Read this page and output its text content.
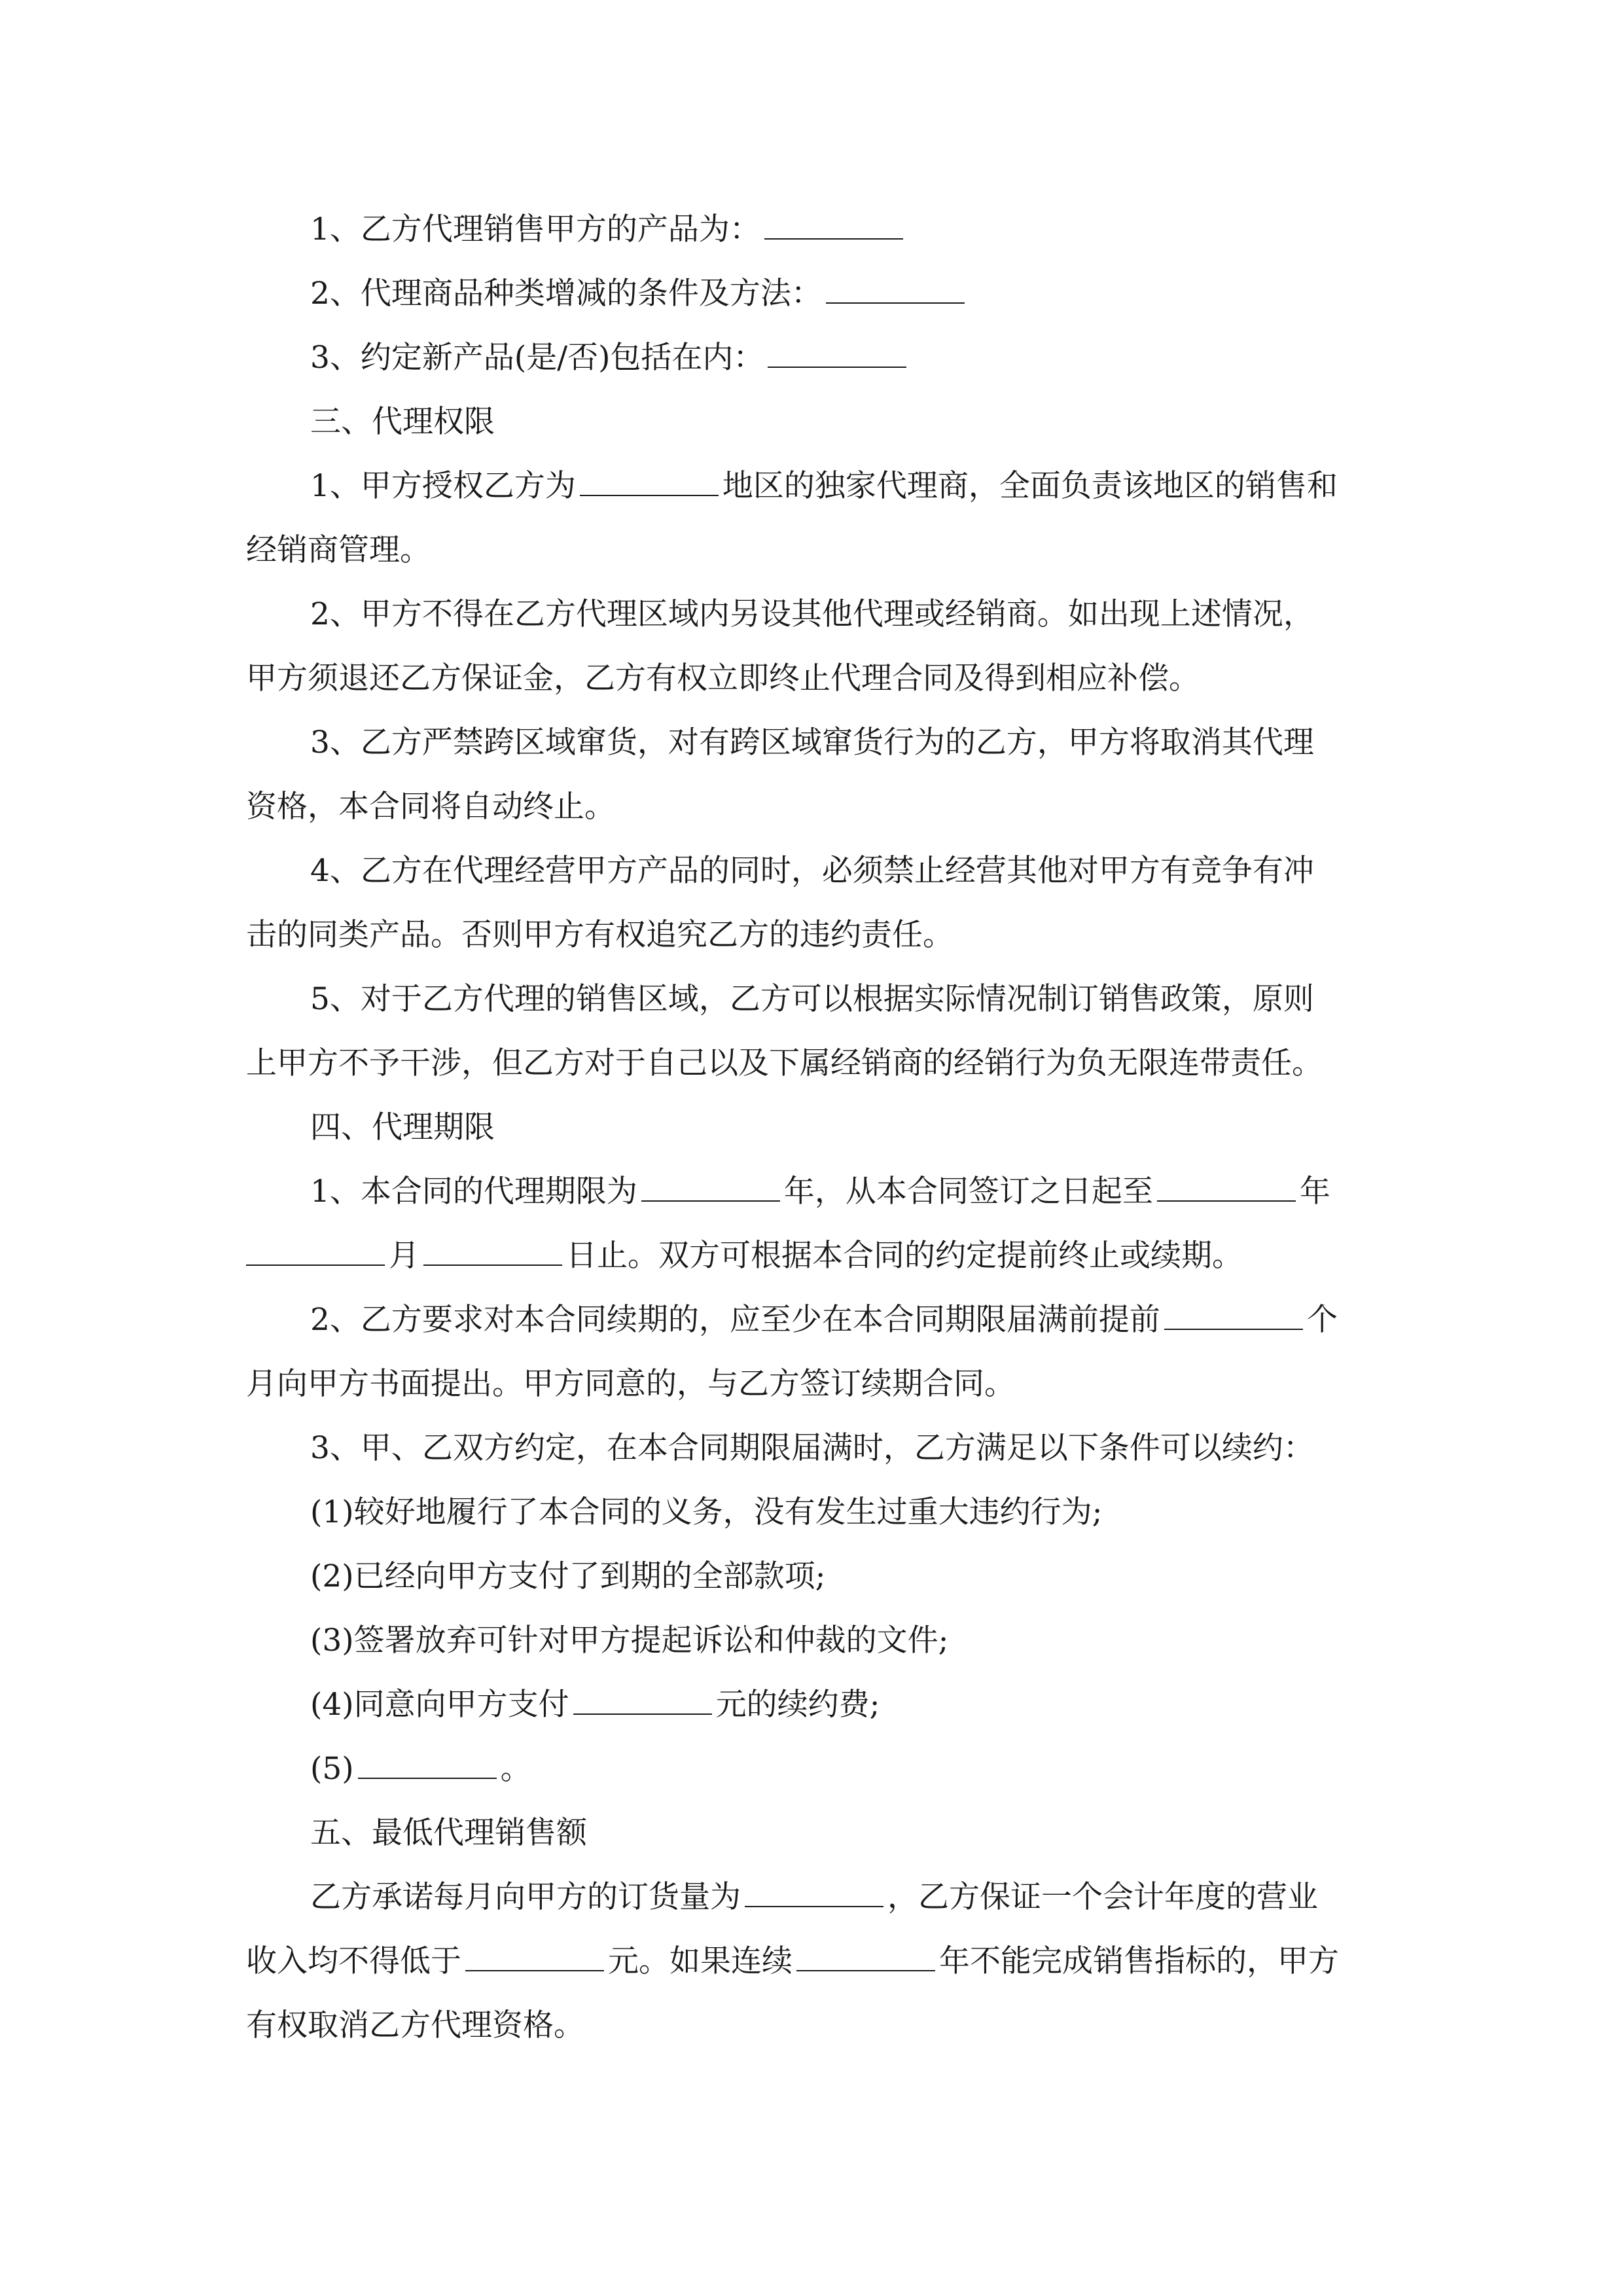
1、乙方代理销售甲方的产品为：

2、代理商品种类增减的条件及方法：

3、约定新产品(是/否)包括在内：

三、代理权限

1、甲方授权乙方为	地区的独家代理商，全面负责该地区的销售和

经销商管理。

2、甲方不得在乙方代理区域内另设其他代理或经销商。如出现上述情况，

甲方须退还乙方保证金，乙方有权立即终止代理合同及得到相应补偿。

3、乙方严禁跨区域窜货，对有跨区域窜货行为的乙方，甲方将取消其代理

资格，本合同将自动终止。

4、乙方在代理经营甲方产品的同时，必须禁止经营其他对甲方有竞争有冲

击的同类产品。否则甲方有权追究乙方的违约责任。

5、对于乙方代理的销售区域，乙方可以根据实际情况制订销售政策，原则

上甲方不予干涉，但乙方对于自己以及下属经销商的经销行为负无限连带责任。

四、代理期限

1、本合同的代理期限为	年，从本合同签订之日起至	年

月	日止。双方可根据本合同的约定提前终止或续期。

2、乙方要求对本合同续期的，应至少在本合同期限届满前提前	个

月向甲方书面提出。甲方同意的，与乙方签订续期合同。

3、甲、乙双方约定，在本合同期限届满时，乙方满足以下条件可以续约：

(1)较好地履行了本合同的义务，没有发生过重大违约行为;

(2)已经向甲方支付了到期的全部款项;

(3)签署放弃可针对甲方提起诉讼和仲裁的文件;

(4)同意向甲方支付	元的续约费;

(5)	。

五、最低代理销售额

乙方承诺每月向甲方的订货量为	，乙方保证一个会计年度的营业

收入均不得低于	元。如果连续	年不能完成销售指标的，甲方

有权取消乙方代理资格。
